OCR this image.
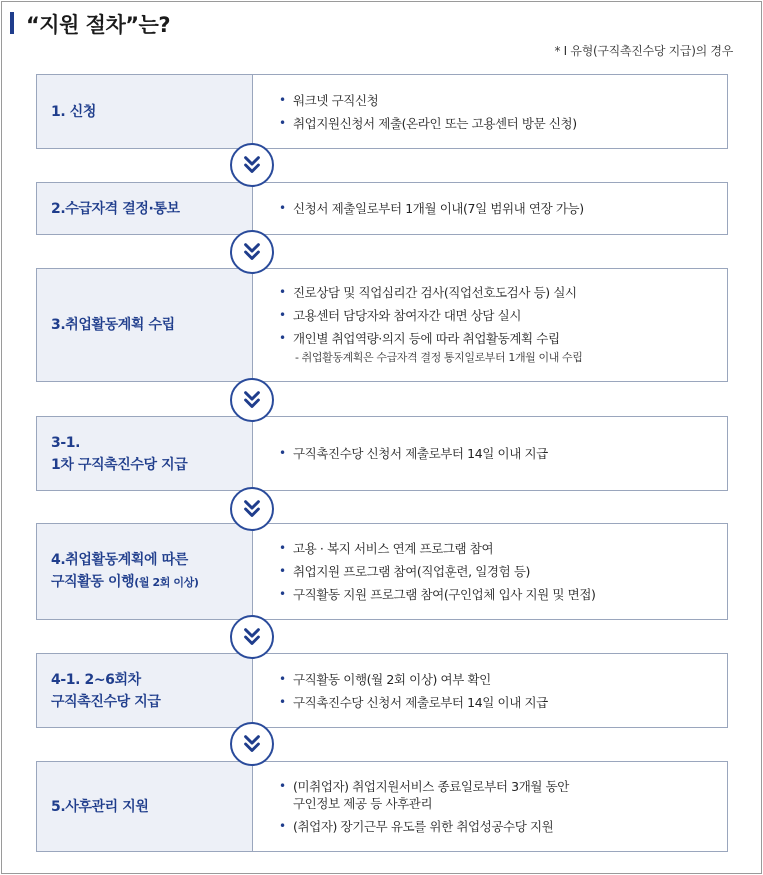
“지원 절차”는?
* I 유형(구직촉진수당 지급)의 경우
1. 신청
• 워크넷 구직신청
• 취업지원신청서 제출(온라인 또는 고용센터 방문 신청)
2.수급자격 결정·통보
•	신청서 제출일로부터 1개월 이내(7일 범위내 연장 가능)
3.취업활동계획 수립
• 진로상담 및 직업심리간 검사(직업선호도검사 등) 실시
• 고용센터 담당자와 참여자간 대면 상담 실시
• 개인별 취업역량·의지 등에 따라 취업활동계획 수립
- 취업활동계획은 수급자격 결정 통지일로부터 1개월 이내 수립
3-1.
1차 구직촉진수당 지급
• 구직촉진수당 신청서 제출로부터 14일 이내 지급
4.취업활동계획에 따른
구직활동 이행(월 2회 이상)
• 고용 · 복지 서비스 연계 프로그램 참여
• 취업지원 프로그램 참여(직업훈련, 일경험 등)
• 구직활동 지원 프로그램 참여(구인업체 입사 지원 및 면접)
4-1. 2~6회차
구직촉진수당 지급
• 구직활동 이행(월 2회 이상) 여부 확인
• 구직촉진수당 신청서 제출로부터 14일 이내 지급
5.사후관리 지원
• (미취업자) 취업지원서비스 종료일로부터 3개월 동안
구인정보 제공 등 사후관리
• (취업자) 장기근무 유도를 위한 취업성공수당 지원
